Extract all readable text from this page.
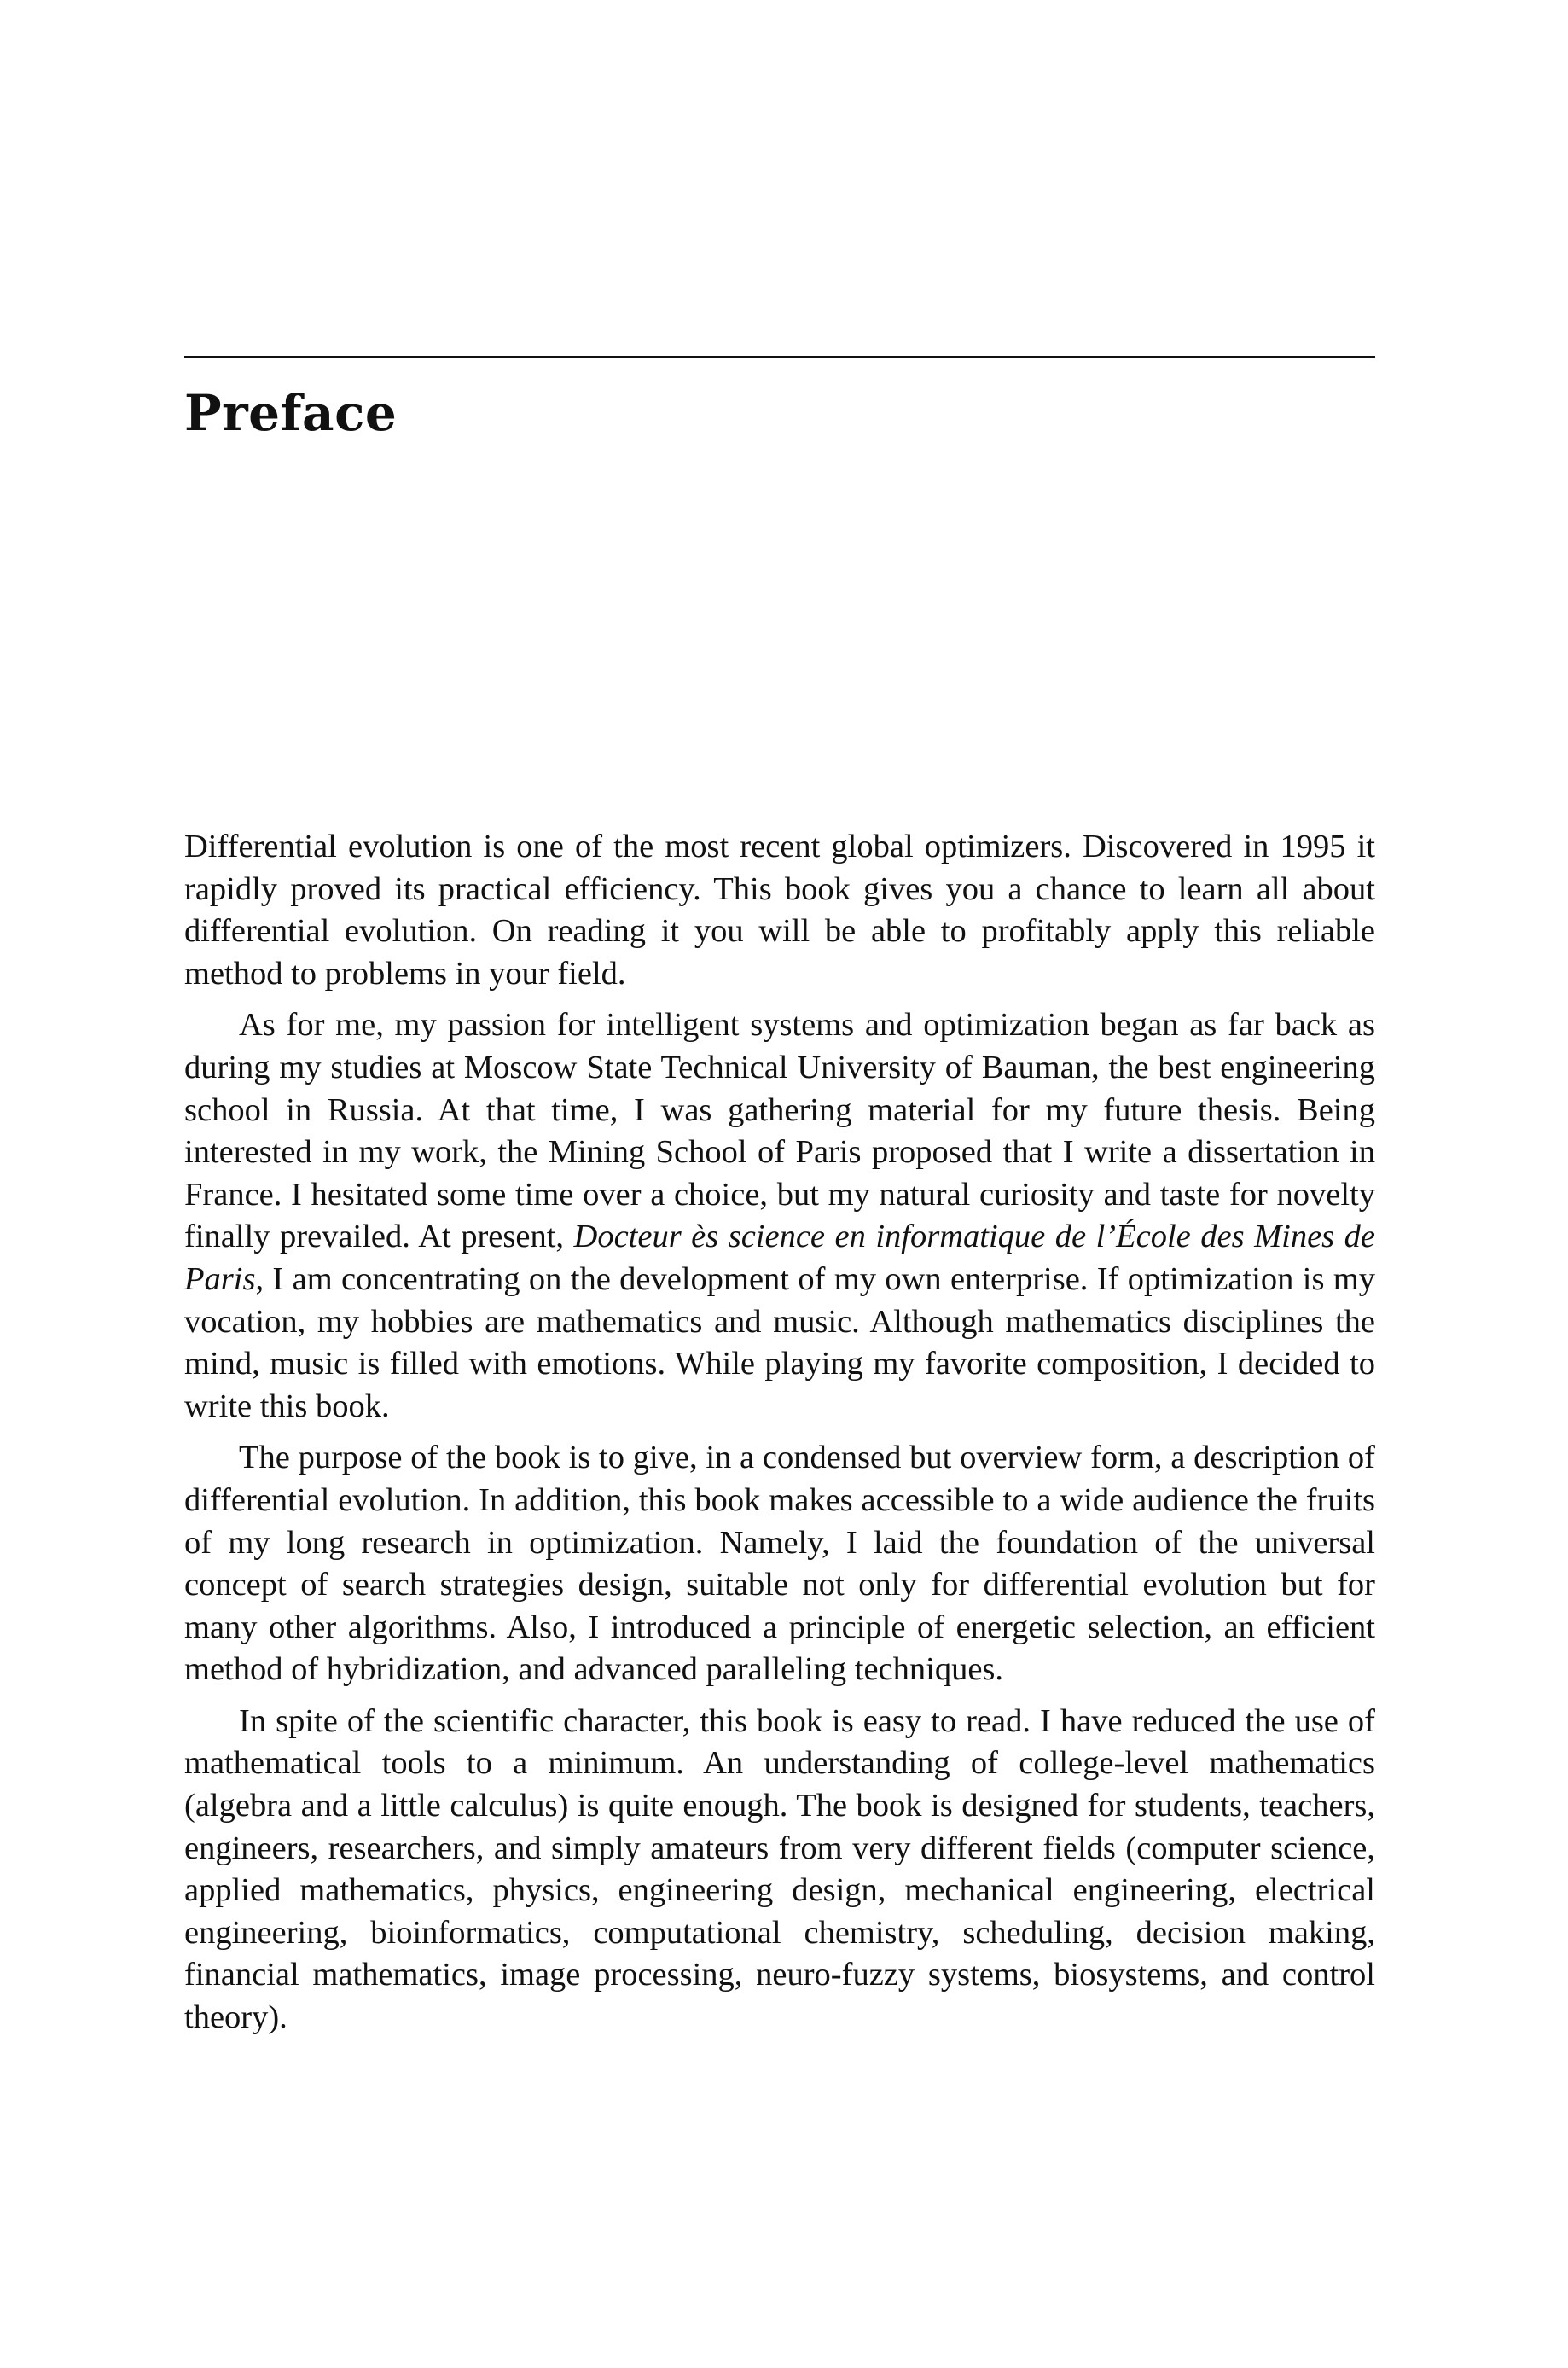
Preface

Differential evolution is one of the most recent global optimizers. Discovered in 1995 it rapidly proved its practical efficiency. This book gives you a chance to learn all about differential evolution. On reading it you will be able to profitably apply this reliable method to problems in your field.

As for me, my passion for intelligent systems and optimization began as far back as during my studies at Moscow State Technical University of Bauman, the best engineering school in Russia. At that time, I was gathering material for my future thesis. Being interested in my work, the Mining School of Paris proposed that I write a dissertation in France. I hesitated some time over a choice, but my natural curiosity and taste for novelty finally prevailed. At present, Docteur ès science en informatique de l’École des Mines de Paris, I am concentrating on the development of my own enterprise. If optimization is my vocation, my hobbies are mathematics and music. Although mathematics disciplines the mind, music is filled with emotions. While playing my favorite composition, I decided to write this book.

The purpose of the book is to give, in a condensed but overview form, a description of differential evolution. In addition, this book makes accessible to a wide audience the fruits of my long research in optimization. Namely, I laid the foundation of the universal concept of search strategies design, suitable not only for differential evolution but for many other algorithms. Also, I introduced a principle of energetic selection, an efficient method of hybridization, and advanced paralleling techniques.

In spite of the scientific character, this book is easy to read. I have reduced the use of mathematical tools to a minimum. An understanding of college-level mathematics (algebra and a little calculus) is quite enough. The book is designed for students, teachers, engineers, researchers, and simply amateurs from very different fields (computer science, applied mathematics, physics, engineering design, mechanical engineering, electrical engineering, bioinformatics, computational chemistry, scheduling, decision making, financial mathematics, image processing, neuro-fuzzy systems, biosystems, and control theory).
